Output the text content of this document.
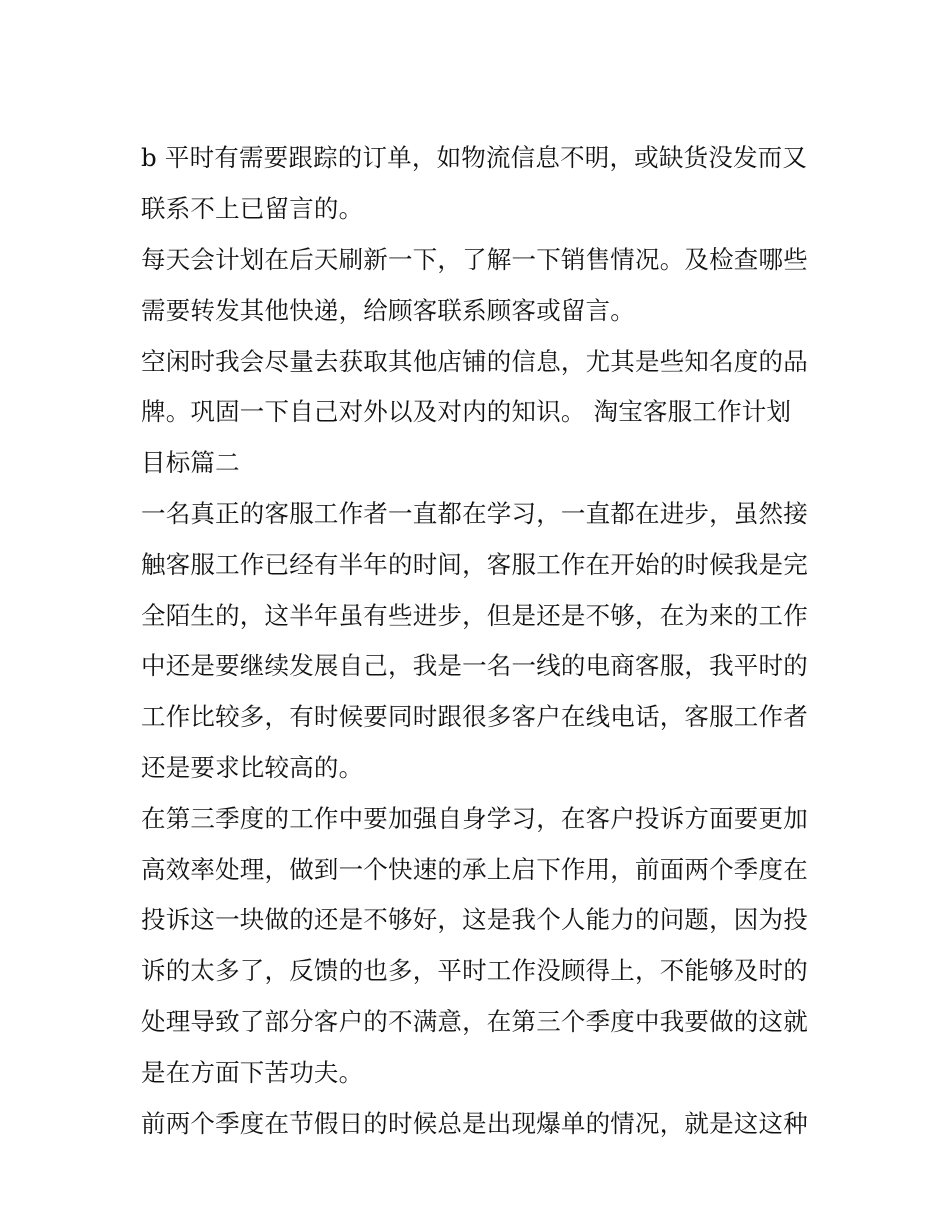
b 平时有需要跟踪的订单，如物流信息不明，或缺货没发而又
联系不上已留言的。
每天会计划在后天刷新一下，了解一下销售情况。及检查哪些
需要转发其他快递，给顾客联系顾客或留言。
空闲时我会尽量去获取其他店铺的信息，尤其是些知名度的品
牌。巩固一下自己对外以及对内的知识。 淘宝客服工作计划
目标篇二
一名真正的客服工作者一直都在学习，一直都在进步，虽然接
触客服工作已经有半年的时间，客服工作在开始的时候我是完
全陌生的，这半年虽有些进步，但是还是不够，在为来的工作
中还是要继续发展自己，我是一名一线的电商客服，我平时的
工作比较多，有时候要同时跟很多客户在线电话，客服工作者
还是要求比较高的。
在第三季度的工作中要加强自身学习，在客户投诉方面要更加
高效率处理，做到一个快速的承上启下作用，前面两个季度在
投诉这一块做的还是不够好，这是我个人能力的问题，因为投
诉的太多了，反馈的也多，平时工作没顾得上，不能够及时的
处理导致了部分客户的不满意，在第三个季度中我要做的这就
是在方面下苦功夫。
前两个季度在节假日的时候总是出现爆单的情况，就是这这种
